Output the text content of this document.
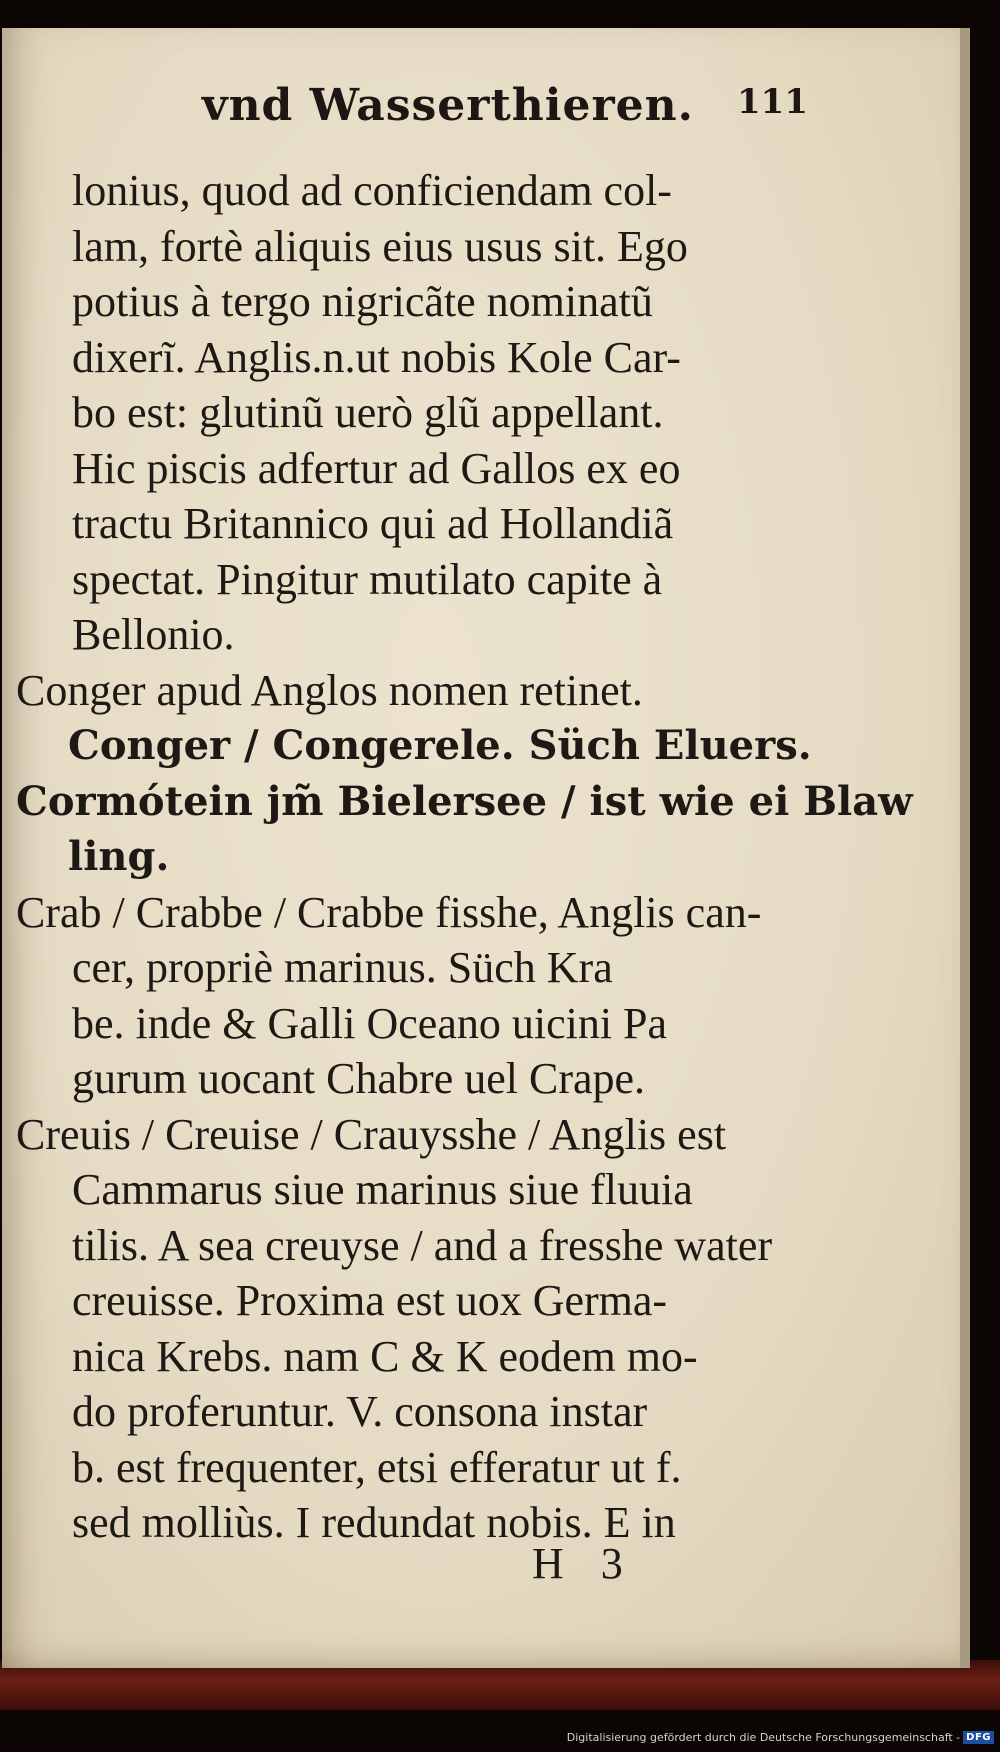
vnd Wasserthieren. 111
lonius, quod ad conficiendam col-
lam, fortè aliquis eius usus sit. Ego
potius à tergo nigricãte nominatũ
dixerĩ. Anglis.n.ut nobis Kole Car-
bo est: glutinũ uerò glũ appellant.
Hic piscis adfertur ad Gallos ex eo
tractu Britannico qui ad Hollandiã
spectat. Pingitur mutilato capite à
Bellonio.
Conger apud Anglos nomen retinet.
Conger / Congerele. Süch Eluers.
Cormótein jm̃ Bielersee / ist wie ei Blaw
ling.
Crab / Crabbe / Crabbe fisshe, Anglis can-
cer, propriè marinus. Süch Kra
be. inde & Galli Oceano uicini Pa
gurum uocant Chabre uel Crape.
Creuis / Creuise / Crauysshe / Anglis est
Cammarus siue marinus siue fluuia
tilis. A sea creuyse / and a fresshe water
creuisse. Proxima est uox Germa-
nica Krebs. nam C & K eodem mo-
do proferuntur. V. consona instar
b. est frequenter, etsi efferatur ut f.
sed molliùs. I redundat nobis. E in
H 3
Digitalisierung gefördert durch die Deutsche Forschungsgemeinschaft - DFG
